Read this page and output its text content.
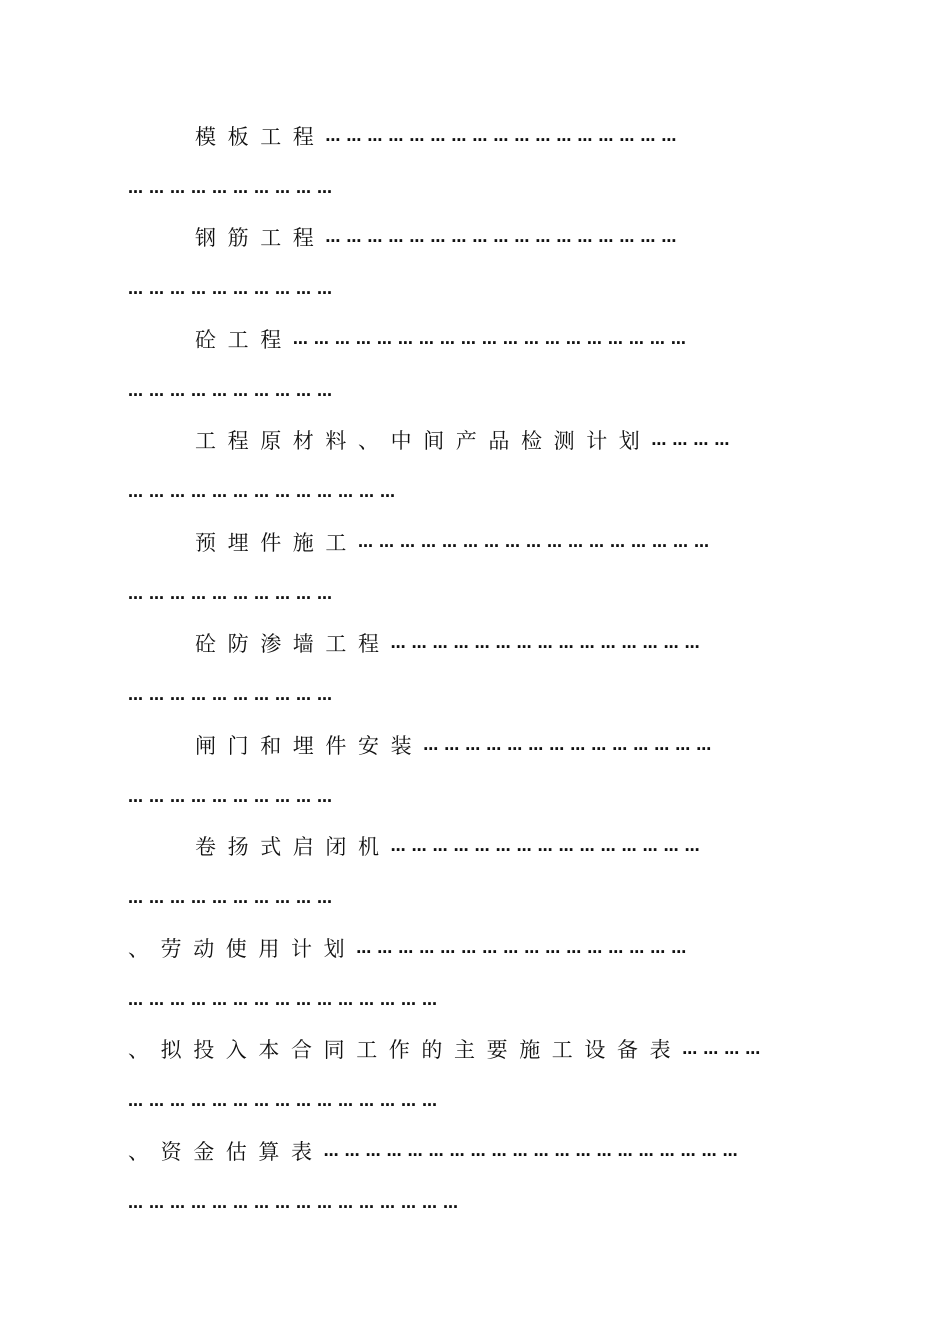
模板工程……………………………………………
…………………………
钢筋工程……………………………………………
…………………………
砼工程…………………………………………………
…………………………
工程原材料、中间产品检测计划…………
…………………………………
预埋件施工……………………………………………
…………………………
砼防渗墙工程………………………………………
…………………………
闸门和埋件安装……………………………………
…………………………
卷扬式启闭机………………………………………
…………………………
、劳动使用计划…………………………………………
………………………………………
、拟投入本合同工作的主要施工设备表…………
………………………………………
、资金估算表……………………………………………………
…………………………………………
